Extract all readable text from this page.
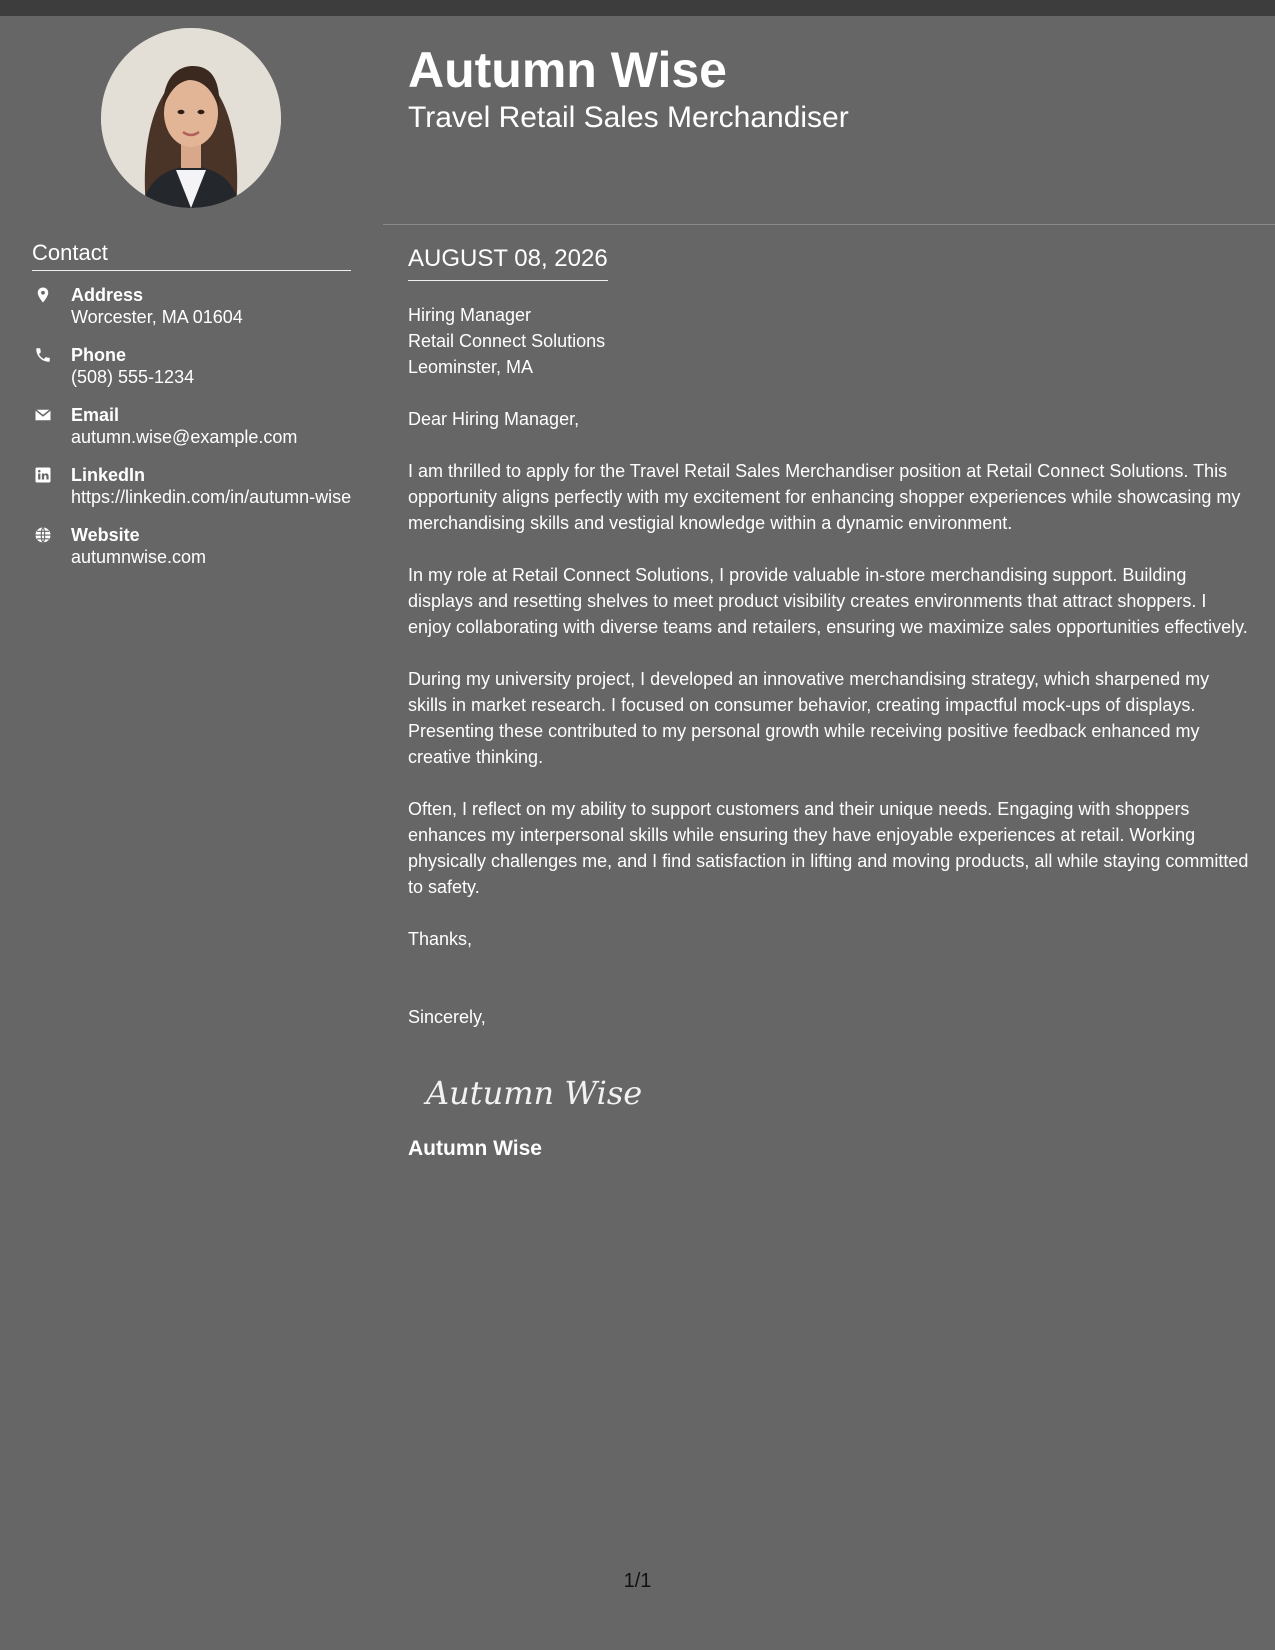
Contact
Address
Worcester, MA 01604
Phone
(508) 555-1234
Email
autumn.wise@example.com
LinkedIn
https://linkedin.com/in/autumn-wise
Website
autumnwise.com
Autumn Wise
Travel Retail Sales Merchandiser
AUGUST 08, 2026
Hiring Manager
Retail Connect Solutions
Leominster, MA
Dear Hiring Manager,
I am thrilled to apply for the Travel Retail Sales Merchandiser position at Retail Connect Solutions. This opportunity aligns perfectly with my excitement for enhancing shopper experiences while showcasing my merchandising skills and vestigial knowledge within a dynamic environment.
In my role at Retail Connect Solutions, I provide valuable in-store merchandising support. Building displays and resetting shelves to meet product visibility creates environments that attract shoppers. I enjoy collaborating with diverse teams and retailers, ensuring we maximize sales opportunities effectively.
During my university project, I developed an innovative merchandising strategy, which sharpened my skills in market research. I focused on consumer behavior, creating impactful mock-ups of displays. Presenting these contributed to my personal growth while receiving positive feedback enhanced my creative thinking.
Often, I reflect on my ability to support customers and their unique needs. Engaging with shoppers enhances my interpersonal skills while ensuring they have enjoyable experiences at retail. Working physically challenges me, and I find satisfaction in lifting and moving products, all while staying committed to safety.
Thanks,
Sincerely,
Autumn Wise
Autumn Wise
1/1
